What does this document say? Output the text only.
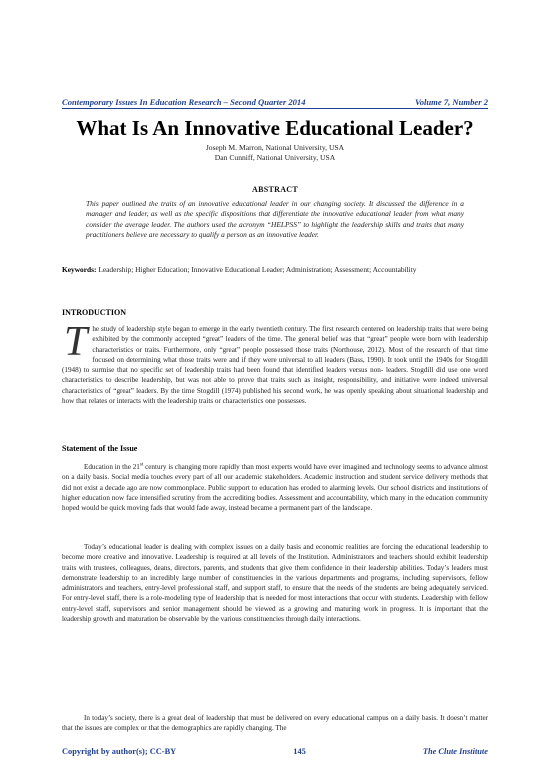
Contemporary Issues In Education Research – Second Quarter 2014	Volume 7, Number 2
What Is An Innovative Educational Leader?
Joseph M. Marron, National University, USA
Dan Cunniff, National University, USA
ABSTRACT
This paper outlined the traits of an innovative educational leader in our changing society. It discussed the difference in a manager and leader, as well as the specific dispositions that differentiate the innovative educational leader from what many consider the average leader. The authors used the acronym “HELPSS” to highlight the leadership skills and traits that many practitioners believe are necessary to qualify a person as an innovative leader.
Keywords: Leadership; Higher Education; Innovative Educational Leader; Administration; Assessment; Accountability
INTRODUCTION
The study of leadership style began to emerge in the early twentieth century. The first research centered on leadership traits that were being exhibited by the commonly accepted “great” leaders of the time. The general belief was that “great” people were born with leadership characteristics or traits. Furthermore, only “great” people possessed those traits (Northouse, 2012). Most of the research of that time focused on determining what those traits were and if they were universal to all leaders (Bass, 1990). It took until the 1940s for Stogdill (1948) to surmise that no specific set of leadership traits had been found that identified leaders versus non- leaders. Stogdill did use one word characteristics to describe leadership, but was not able to prove that traits such as insight, responsibility, and initiative were indeed universal characteristics of “great” leaders. By the time Stogdill (1974) published his second work, he was openly speaking about situational leadership and how that relates or interacts with the leadership traits or characteristics one possesses.
Statement of the Issue
Education in the 21st century is changing more rapidly than most experts would have ever imagined and technology seems to advance almost on a daily basis. Social media touches every part of all our academic stakeholders. Academic instruction and student service delivery methods that did not exist a decade ago are now commonplace. Public support to education has eroded to alarming levels. Our school districts and institutions of higher education now face intensified scrutiny from the accrediting bodies. Assessment and accountability, which many in the education community hoped would be quick moving fads that would fade away, instead became a permanent part of the landscape.
Today’s educational leader is dealing with complex issues on a daily basis and economic realities are forcing the educational leadership to become more creative and innovative. Leadership is required at all levels of the Institution. Administrators and teachers should exhibit leadership traits with trustees, colleagues, deans, directors, parents, and students that give them confidence in their leadership abilities. Today’s leaders must demonstrate leadership to an incredibly large number of constituencies in the various departments and programs, including supervisors, fellow administrators and teachers, entry-level professional staff, and support staff, to ensure that the needs of the students are being adequately serviced. For entry-level staff, there is a role-modeling type of leadership that is needed for most interactions that occur with students. Leadership with fellow entry-level staff, supervisors and senior management should be viewed as a growing and maturing work in progress. It is important that the leadership growth and maturation be observable by the various constituencies through daily interactions.
In today’s society, there is a great deal of leadership that must be delivered on every educational campus on a daily basis. It doesn’t matter that the issues are complex or that the demographics are rapidly changing. The
Copyright by author(s); CC-BY	145	The Clute Institute
